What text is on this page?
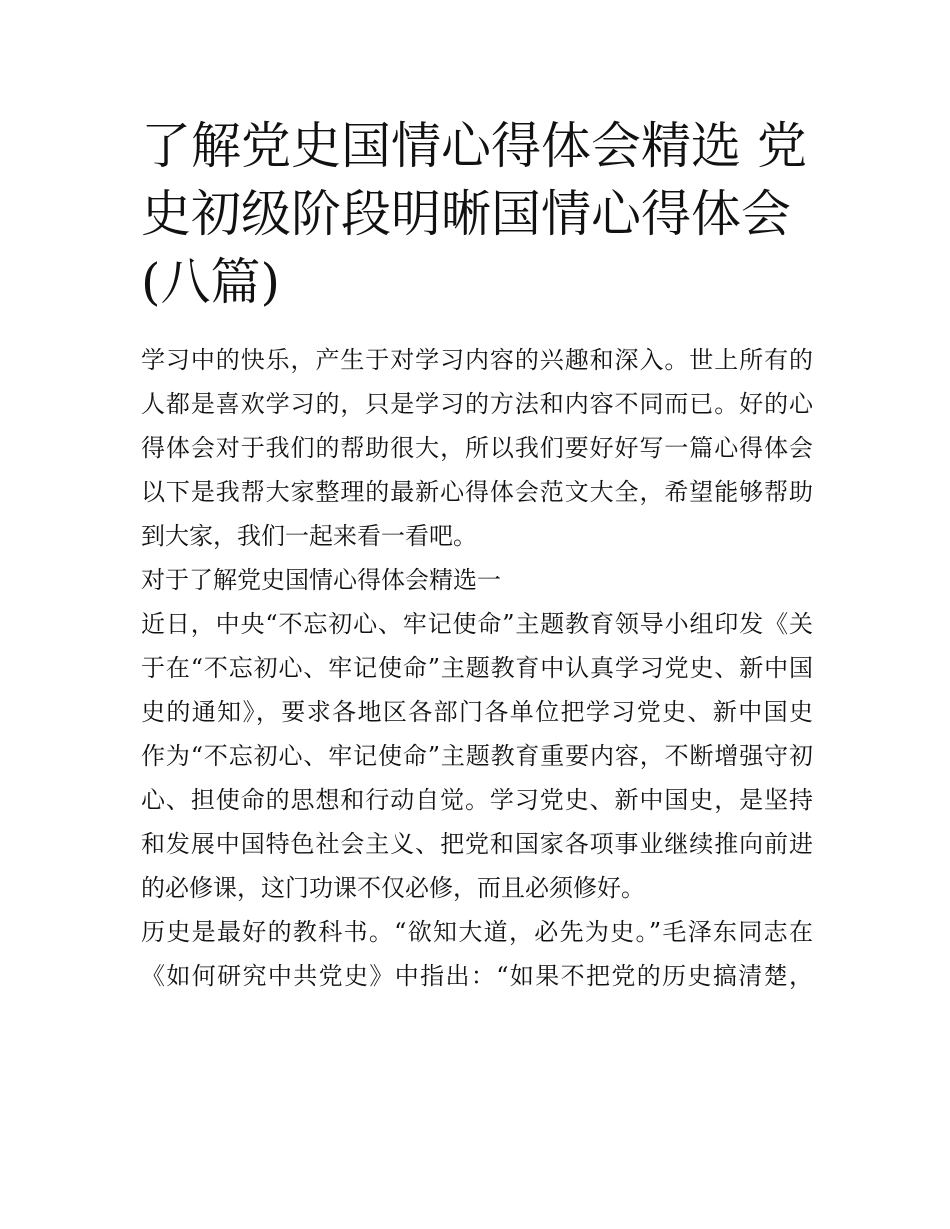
了解党史国情心得体会精选 党
史初级阶段明晰国情心得体会
(八篇)

学习中的快乐，产生于对学习内容的兴趣和深入。世上所有的
人都是喜欢学习的，只是学习的方法和内容不同而已。好的心
得体会对于我们的帮助很大，所以我们要好好写一篇心得体会
以下是我帮大家整理的最新心得体会范文大全，希望能够帮助
到大家，我们一起来看一看吧。

对于了解党史国情心得体会精选一

近日，中央“不忘初心、牢记使命”主题教育领导小组印发《关
于在“不忘初心、牢记使命”主题教育中认真学习党史、新中国
史的通知》，要求各地区各部门各单位把学习党史、新中国史
作为“不忘初心、牢记使命”主题教育重要内容，不断增强守初
心、担使命的思想和行动自觉。学习党史、新中国史，是坚持
和发展中国特色社会主义、把党和国家各项事业继续推向前进
的必修课，这门功课不仅必修，而且必须修好。

历史是最好的教科书。“欲知大道，必先为史。”毛泽东同志在
《如何研究中共党史》中指出：“如果不把党的历史搞清楚，
